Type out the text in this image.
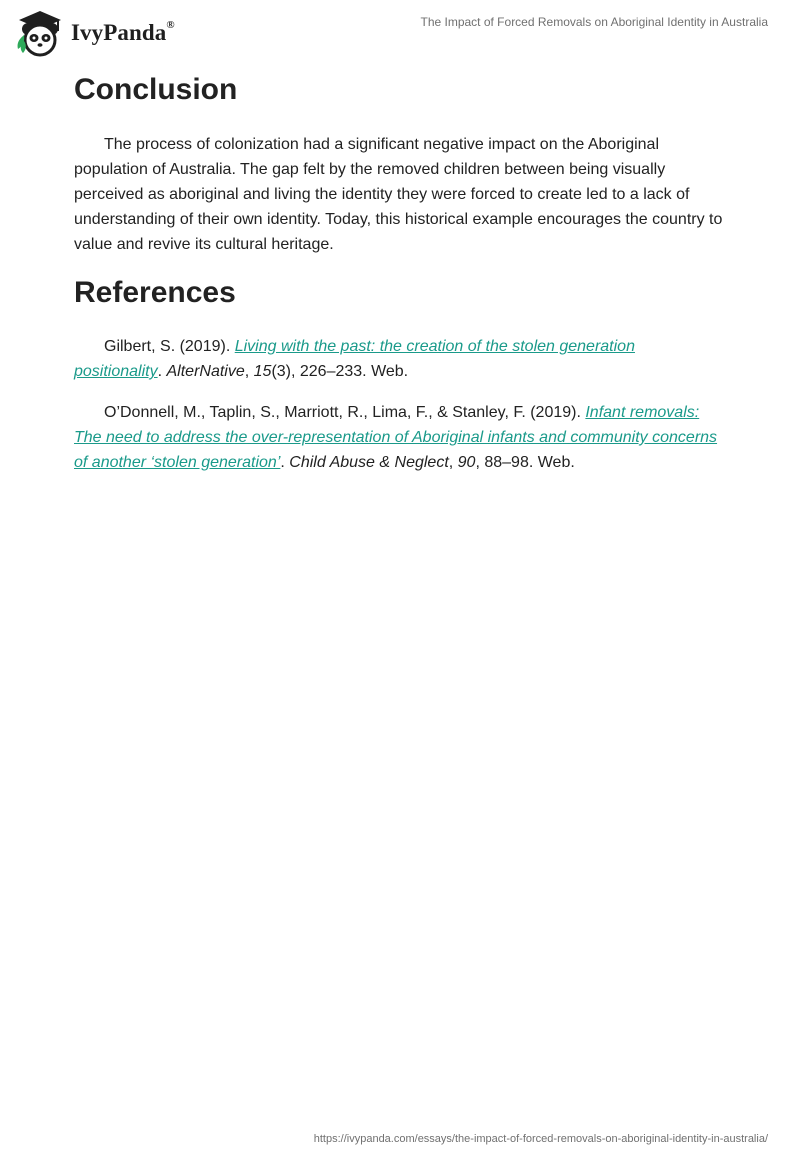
IvyPanda®	The Impact of Forced Removals on Aboriginal Identity in Australia
Conclusion

The process of colonization had a significant negative impact on the Aboriginal population of Australia. The gap felt by the removed children between being visually perceived as aboriginal and living the identity they were forced to create led to a lack of understanding of their own identity. Today, this historical example encourages the country to value and revive its cultural heritage.

References

Gilbert, S. (2019). Living with the past: the creation of the stolen generation positionality. AlterNative, 15(3), 226–233. Web.

O’Donnell, M., Taplin, S., Marriott, R., Lima, F., & Stanley, F. (2019). Infant removals: The need to address the over-representation of Aboriginal infants and community concerns of another ‘stolen generation’. Child Abuse & Neglect, 90, 88–98. Web.

https://ivypanda.com/essays/the-impact-of-forced-removals-on-aboriginal-identity-in-australia/
